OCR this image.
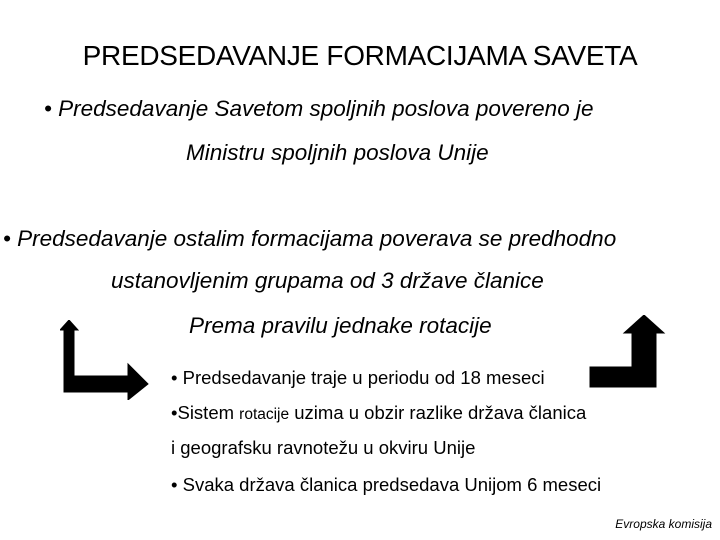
PREDSEDAVANJE FORMACIJAMA SAVETA
• Predsedavanje Savetom spoljnih poslova povereno je
Ministru spoljnih poslova Unije
• Predsedavanje ostalim formacijama poverava se predhodno
ustanovljenim grupama od 3 države članice
Prema pravilu jednake rotacije
• Predsedavanje traje u periodu od 18 meseci
•Sistem rotacije uzima u obzir razlike država članica
i geografsku ravnotežu u okviru Unije
• Svaka država članica predsedava Unijom 6 meseci
Evropska komisija
